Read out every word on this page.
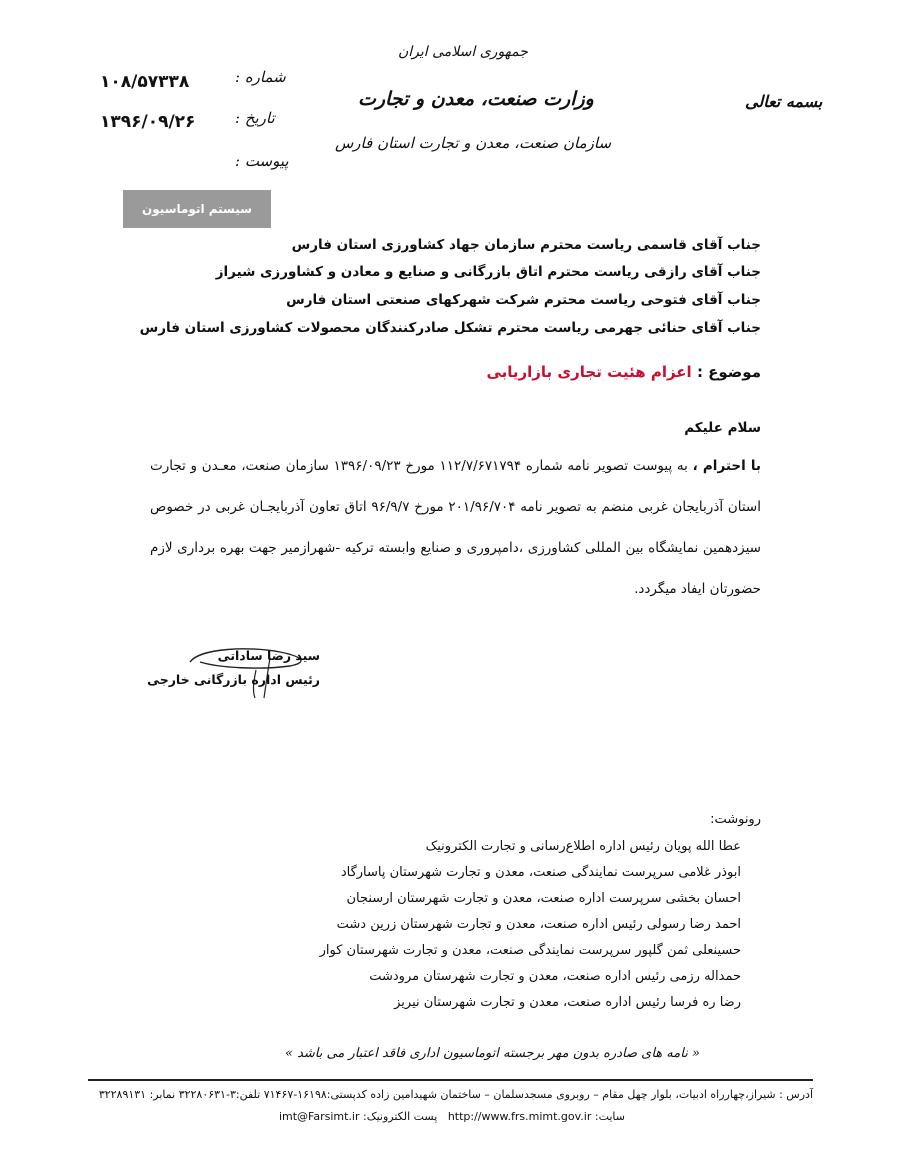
۱۰۸/۵۷۳۳۸	شماره :
۱۳۹۶/۰۹/۲۶	تاریخ :
پیوست :
جمهوری اسلامی ایران
وزارت صنعت، معدن و تجارت
سازمان صنعت، معدن و تجارت استان فارس
بسمه تعالی
سیستم اتوماسیون
جناب آقای قاسمی ریاست محترم سازمان جهاد کشاورزی استان فارس
جناب آقای رازقی ریاست محترم اتاق بازرگانی و صنایع و معادن و کشاورزی شیراز
جناب آقای فتوحی ریاست محترم شرکت شهرکهای صنعتی استان فارس
جناب آقای حنائی جهرمی ریاست محترم تشکل صادرکنندگان محصولات کشاورزی استان فارس
موضوع : اعزام هئیت تجاری بازاریابی
سلام علیکم
با احترام ، به پیوست تصویر نامه شماره ۱۱۲/۷/۶۷۱۷۹۴ مورخ ۱۳۹۶/۰۹/۲۳ سازمان صنعت، معـدن و تجارت استان آذربایجان غربی منضم به تصویر نامه ۲۰۱/۹۶/۷۰۴ مورخ ۹۶/۹/۷ اتاق تعاون آذربایجـان غربی در خصوص سیزدهمین نمایشگاه بین المللی کشاورزی ،دامپروری و صنایع وابسته ترکیه -شهرازمیر جهت بهره برداری لازم حضورتان ایفاد میگردد.
سید رضا ساداتی
رئیس اداره بازرگانی خارجی
رونوشت:
عطا الله پویان رئیس اداره اطلاع‌رسانی و تجارت الکترونیک
ابوذر غلامی سرپرست نمایندگی صنعت، معدن و تجارت شهرستان پاسارگاد
احسان بخشی سرپرست اداره صنعت، معدن و تجارت شهرستان ارسنجان
احمد رضا رسولی رئیس اداره صنعت، معدن و تجارت شهرستان زرین دشت
حسینعلی ثمن گلپور سرپرست نمایندگی صنعت، معدن و تجارت شهرستان کوار
حمداله رزمی رئیس اداره صنعت، معدن و تجارت شهرستان مرودشت
رضا ره فرسا رئیس اداره صنعت، معدن و تجارت شهرستان نیریز
« نامه های صادره بدون مهر برجسته اتوماسیون اداری فاقد اعتبار می باشد »
آدرس : شیراز،چهارراه ادبیات، بلوار چهل مقام – روبروی مسجدسلمان – ساختمان شهیدامین زاده کدپستی:۱۶۱۹۸-۷۱۴۶۷ تلفن:۳-۳۲۲۸۰۶۳۱ نمابر: ۳۲۲۸۹۱۳۱
سایت: http://www.frs.mimt.gov.ir   پست الکترونیک: imt@Farsimt.ir
